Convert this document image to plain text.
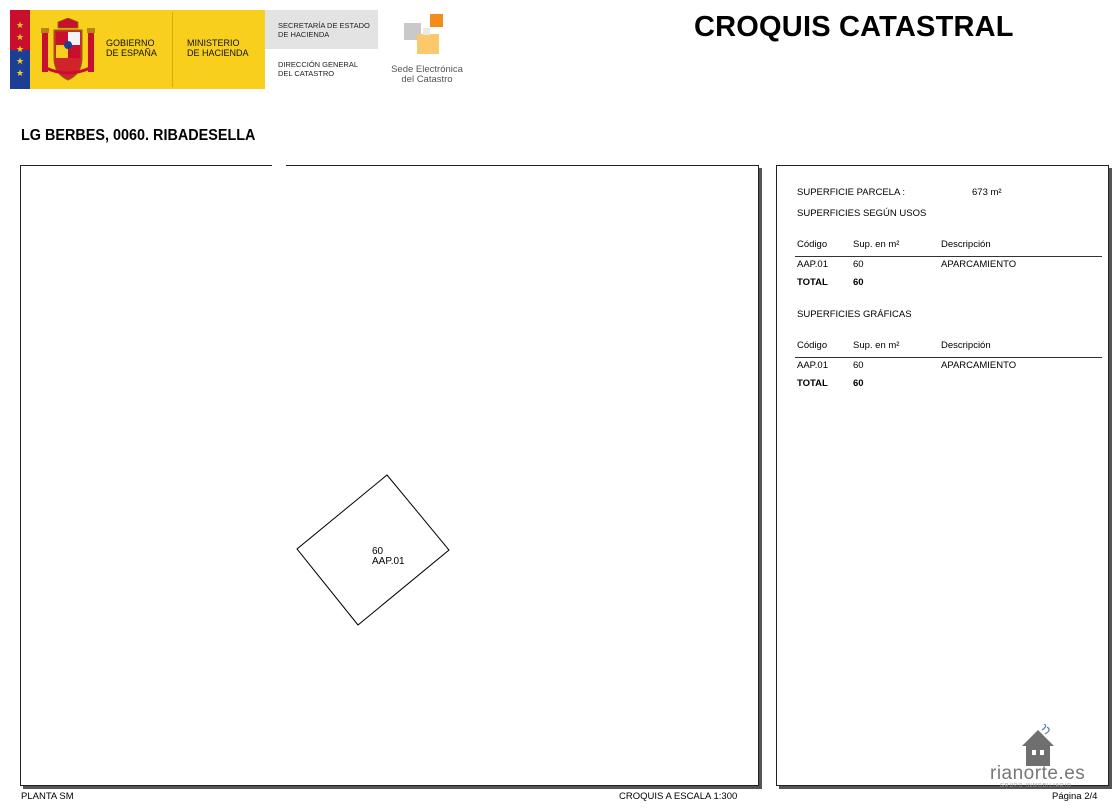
★
★
★
★
★
GOBIERNO
DE ESPAÑA
MINISTERIO
DE HACIENDA
SECRETARÍA DE ESTADO
DE HACIENDA
DIRECCIÓN GENERAL
DEL CATASTRO	Sede Electrónica
del Catastro
CROQUIS CATASTRAL
LG BERBES, 0060. RIBADESELLA
60
AAP.01
SUPERFICIE PARCELA :	673 m²
SUPERFICIES SEGÚN USOS
Código	Sup. en m²	Descripción
AAP.01	60	APARCAMIENTO
TOTAL	60
SUPERFICIES GRÁFICAS
Código	Sup. en m²	Descripción
AAP.01	60	APARCAMIENTO
TOTAL	60
rianorte.es
GRUPO INMOBILIARIO
PLANTA SM	CROQUIS A ESCALA 1:300	Página 2/4
